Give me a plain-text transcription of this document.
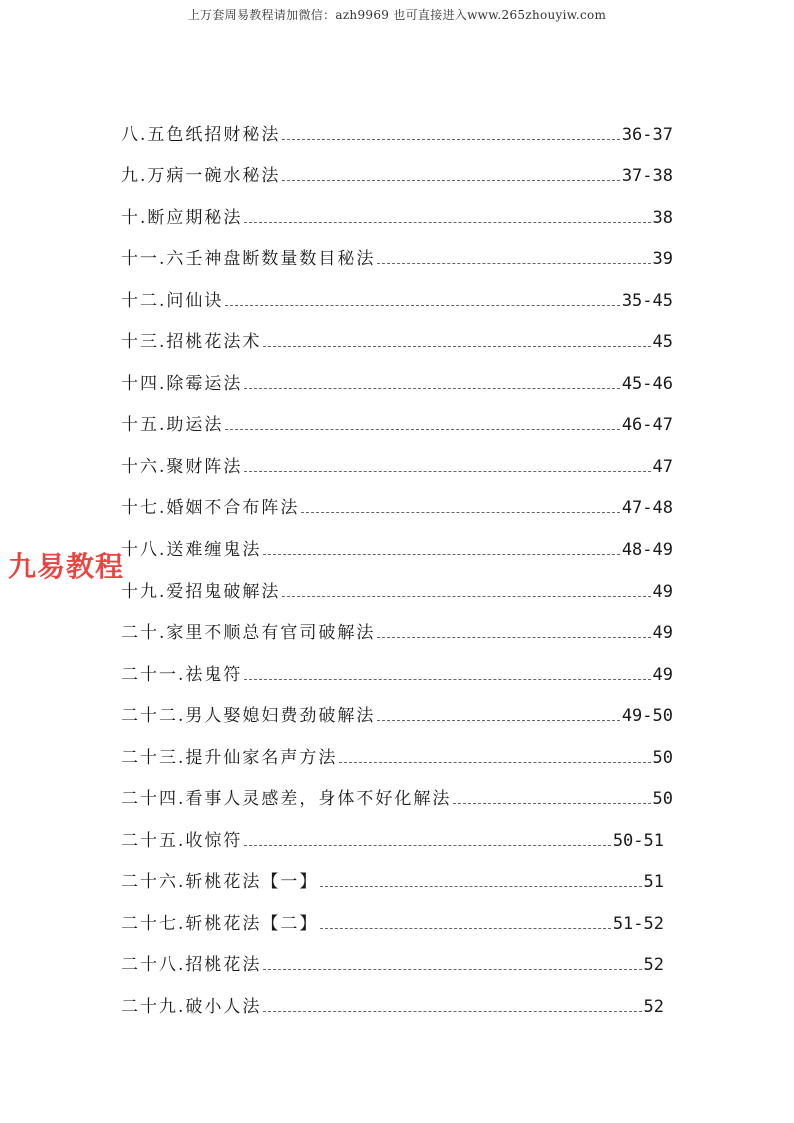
上万套周易教程请加微信：azh9969 也可直接进入www.265zhouyiw.com
八.五色纸招财秘法	36-37
九.万病一碗水秘法	37-38
十.断应期秘法	38
十一.六壬神盘断数量数目秘法	39
十二.问仙诀	35-45
十三.招桃花法术	45
十四.除霉运法	45-46
十五.助运法	46-47
十六.聚财阵法	47
十七.婚姻不合布阵法	47-48
十八.送难缠鬼法	48-49
十九.爱招鬼破解法	49
二十.家里不顺总有官司破解法	49
二十一.祛鬼符	49
二十二.男人娶媳妇费劲破解法	49-50
二十三.提升仙家名声方法	50
二十四.看事人灵感差，身体不好化解法	50
二十五.收惊符	50-51
二十六.斩桃花法【一】	51
二十七.斩桃花法【二】	51-52
二十八.招桃花法	52
二十九.破小人法	52
九易教程
